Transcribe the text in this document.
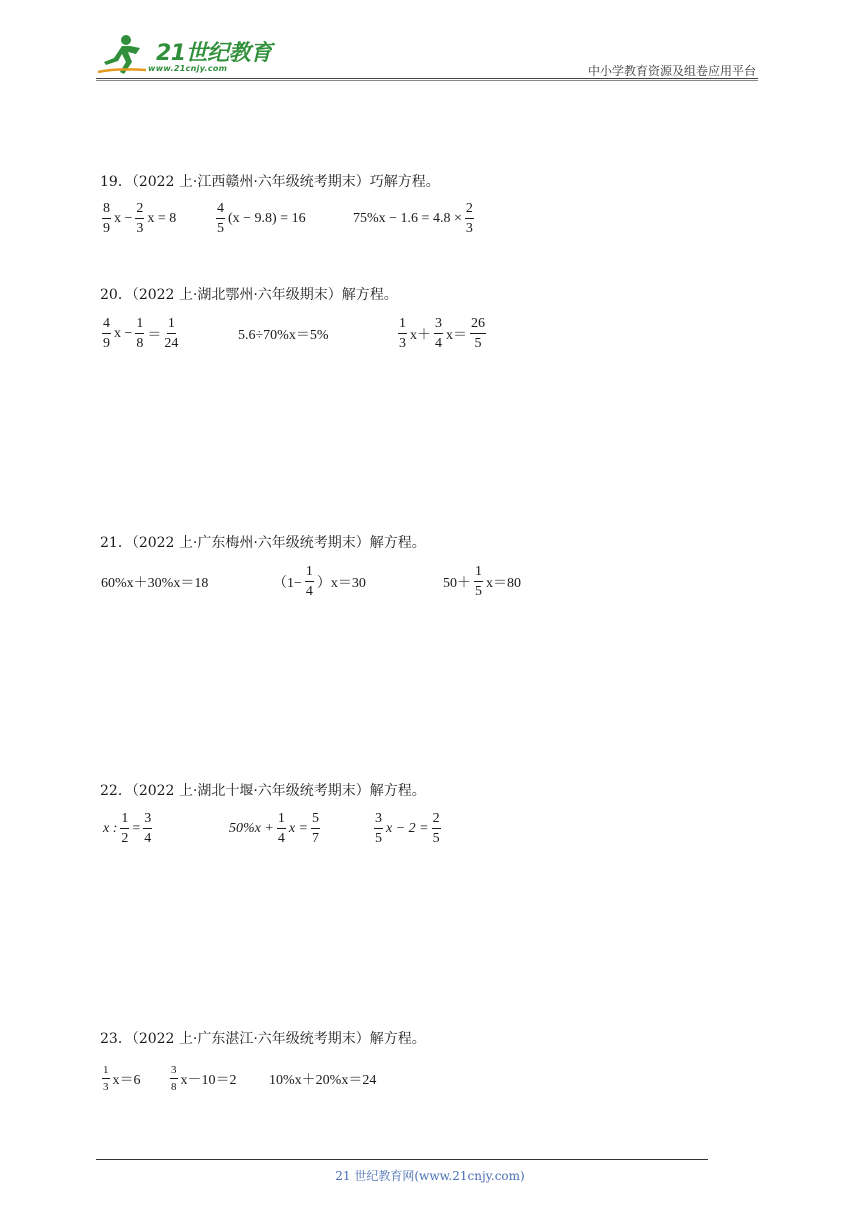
21世纪教育
www.21cnjy.com	中小学教育资源及组卷应用平台
19．（2022 上·江西赣州·六年级统考期末）巧解方程。
$\frac{8}{9}$ $x - \frac{2}{3}$ x = 8	$\frac{4}{5} (x - 9.8) = 16$	$75\%x - 1.6 = 4.8 \times \frac{2}{3}$
20．（2022 上·湖北鄂州·六年级期末）解方程。
$\frac{4}{9}$ $x - \frac{1}{8} = \frac{1}{24}$	5.6÷70%x＝5%	$\frac{1}{3} x+ \frac{3}{4} x= \frac{26}{5}$
21．（2022 上·广东梅州·六年级统考期末）解方程。
60%x＋30%x＝18	$(1- \frac{1}{4} )x=30$	$50+ \frac{1}{5} x=80$
22．（2022 上·湖北十堰·六年级统考期末）解方程。
x : $\frac{1}{2} = \frac{3}{4}$	$50\%x + \frac{1}{4}$ $x = \frac{5}{7}$	$\frac{3}{5}$ $x - 2 = \frac{2}{5}$
23．（2022 上·广东湛江·六年级统考期末）解方程。
$\frac{1}{3} x=6$	$\frac{3}{8} x-10=2$ 10%x＋20%x＝24
21 世纪教育网(www.21cnjy.com)
